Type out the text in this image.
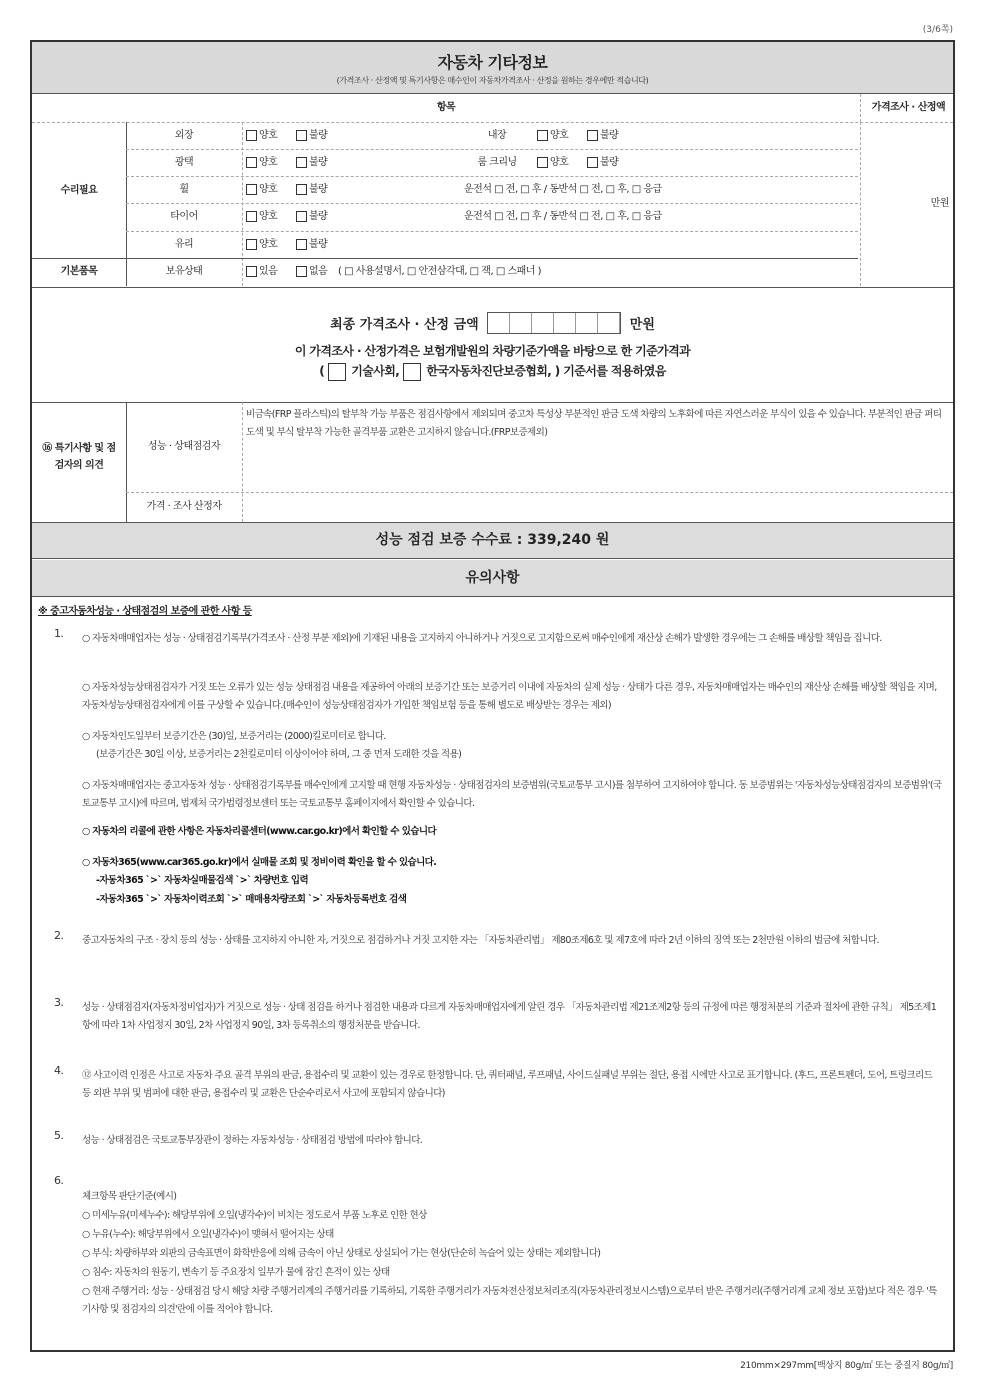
(3/6쪽)
자동차 기타정보
(가격조사 · 산정액 및 특기사항은 매수인이 자동차가격조사 · 산정을 원하는 경우에만 적습니다)
항목	가격조사 · 산정액
수리필요
외장	양호	불량	내장	양호	불량
광택	양호	불량	룸 크리닝	양호	불량
휠	양호	불량	운전석 □ 전, □ 후 / 동반석 □ 전, □ 후, □ 응급
타이어	양호	불량	운전석 □ 전, □ 후 / 동반석 □ 전, □ 후, □ 응급
유리	양호	불량
만원
기본품목	보유상태	있음	없음 ( □ 사용설명서, □ 안전삼각대, □ 잭, □ 스패너 )
최종 가격조사 · 산정 금액	만원
이 가격조사 · 산정가격은 보험개발원의 차량기준가액을 바탕으로 한 기준가격과
(  기술사회, 한국자동차진단보증협회, ) 기준서를 적용하였음
⑯ 특기사항 및 점
검자의 의견
성능 · 상태점검자
비금속(FRP 플라스틱)의 탈부착 가능 부품은 점검사항에서 제외되며 중고차 특성상 부분적인 판금 도색 차량의 노후화에 따른 자연스러운 부식이 있을 수 있습니다. 부분적인 판금 퍼티 도색 및 부식 탈부착 가능한 골격부품 교환은 고지하지 않습니다.(FRP보증제외)
가격 · 조사 산정자
성능 점검 보증 수수료 : 339,240 원
유의사항
※ 중고자동차성능 · 상태점검의 보증에 관한 사항 등
1. ○ 자동차매매업자는 성능 · 상태점검기록부(가격조사 · 산정 부분 제외)에 기재된 내용을 고지하지 아니하거나 거짓으로 고지함으로써 매수인에게 재산상 손해가 발생한 경우에는 그 손해를 배상할 책임을 집니다.
○ 자동차성능상태점검자가 거짓 또는 오류가 있는 성능 상태점검 내용을 제공하여 아래의 보증기간 또는 보증거리 이내에 자동차의 실제 성능 · 상태가 다른 경우, 자동차매매업자는 매수인의 재산상 손해를 배상할 책임을 지며, 자동차성능상태점검자에게 이를 구상할 수 있습니다.(매수인이 성능상태점검자가 가입한 책임보험 등을 통해 별도로 배상받는 경우는 제외)
○ 자동차인도일부터 보증기간은 (30)일, 보증거리는 (2000)킬로미터로 합니다.
(보증기간은 30일 이상, 보증거리는 2천킬로미터 이상이어야 하며, 그 중 먼저 도래한 것을 적용)
○ 자동차매매업자는 중고자동차 성능 · 상태점검기록부를 매수인에게 고지할 때 현행 자동차성능 · 상태점검자의 보증범위(국토교통부 고시)를 첨부하여 고지하여야 합니다. 동 보증범위는 '자동차성능상태점검자의 보증범위'(국토교통부 고시)에 따르며, 법제처 국가법령정보센터 또는 국토교통부 홈페이지에서 확인할 수 있습니다.
○ 자동차의 리콜에 관한 사항은 자동차리콜센터(www.car.go.kr)에서 확인할 수 있습니다
○ 자동차365(www.car365.go.kr)에서 실매물 조회 및 정비이력 확인을 할 수 있습니다.
-자동차365 `>` 자동차실매물검색 `>` 차량번호 입력
-자동차365 `>` 자동차이력조회 `>` 매매용차량조회 `>` 자동차등록번호 검색
2. 중고자동차의 구조 · 장치 등의 성능 · 상태를 고지하지 아니한 자, 거짓으로 점검하거나 거짓 고지한 자는 「자동차관리법」 제80조제6호 및 제7호에 따라 2년 이하의 징역 또는 2천만원 이하의 벌금에 처합니다.
3. 성능 · 상태점검자(자동차정비업자)가 거짓으로 성능 · 상태 점검을 하거나 점검한 내용과 다르게 자동차매매업자에게 알린 경우 「자동차관리법 제21조제2항 등의 규정에 따른 행정처분의 기준과 절차에 관한 규칙」 제5조제1항에 따라 1차 사업정지 30일, 2차 사업정지 90일, 3차 등록취소의 행정처분을 받습니다.
4. ⑫ 사고이력 인정은 사고로 자동차 주요 골격 부위의 판금, 용접수리 및 교환이 있는 경우로 한정합니다. 단, 쿼터패널, 루프패널, 사이드실패널 부위는 절단, 용접 시에만 사고로 표기합니다. (후드, 프론트펜더, 도어, 트렁크리드 등 외판 부위 및 범퍼에 대한 판금, 용접수리 및 교환은 단순수리로서 사고에 포함되지 않습니다)
5. 성능 · 상태점검은 국토교통부장관이 정하는 자동차성능 · 상태점검 방법에 따라야 합니다.
6.
체크항목 판단기준(예시)
○ 미세누유(미세누수): 해당부위에 오일(냉각수)이 비치는 정도로서 부품 노후로 인한 현상
○ 누유(누수): 해당부위에서 오일(냉각수)이 맺혀서 떨어지는 상태
○ 부식: 차량하부와 외판의 금속표면이 화학반응에 의해 금속이 아닌 상태로 상실되어 가는 현상(단순히 녹슬어 있는 상태는 제외합니다)
○ 침수: 자동차의 원동기, 변속기 등 주요장치 일부가 물에 잠긴 흔적이 있는 상태
○ 현재 주행거리: 성능 · 상태점검 당시 해당 차량 주행거리계의 주행거리를 기록하되, 기록한 주행거리가 자동차전산정보처리조직(자동차관리정보시스템)으로부터 받은 주행거리(주행거리계 교체 정보 포함)보다 적은 경우 '특기사항 및 점검자의 의견'란에 이를 적어야 합니다.
210mm×297mm[백상지 80g/㎡ 또는 중질지 80g/㎡]
